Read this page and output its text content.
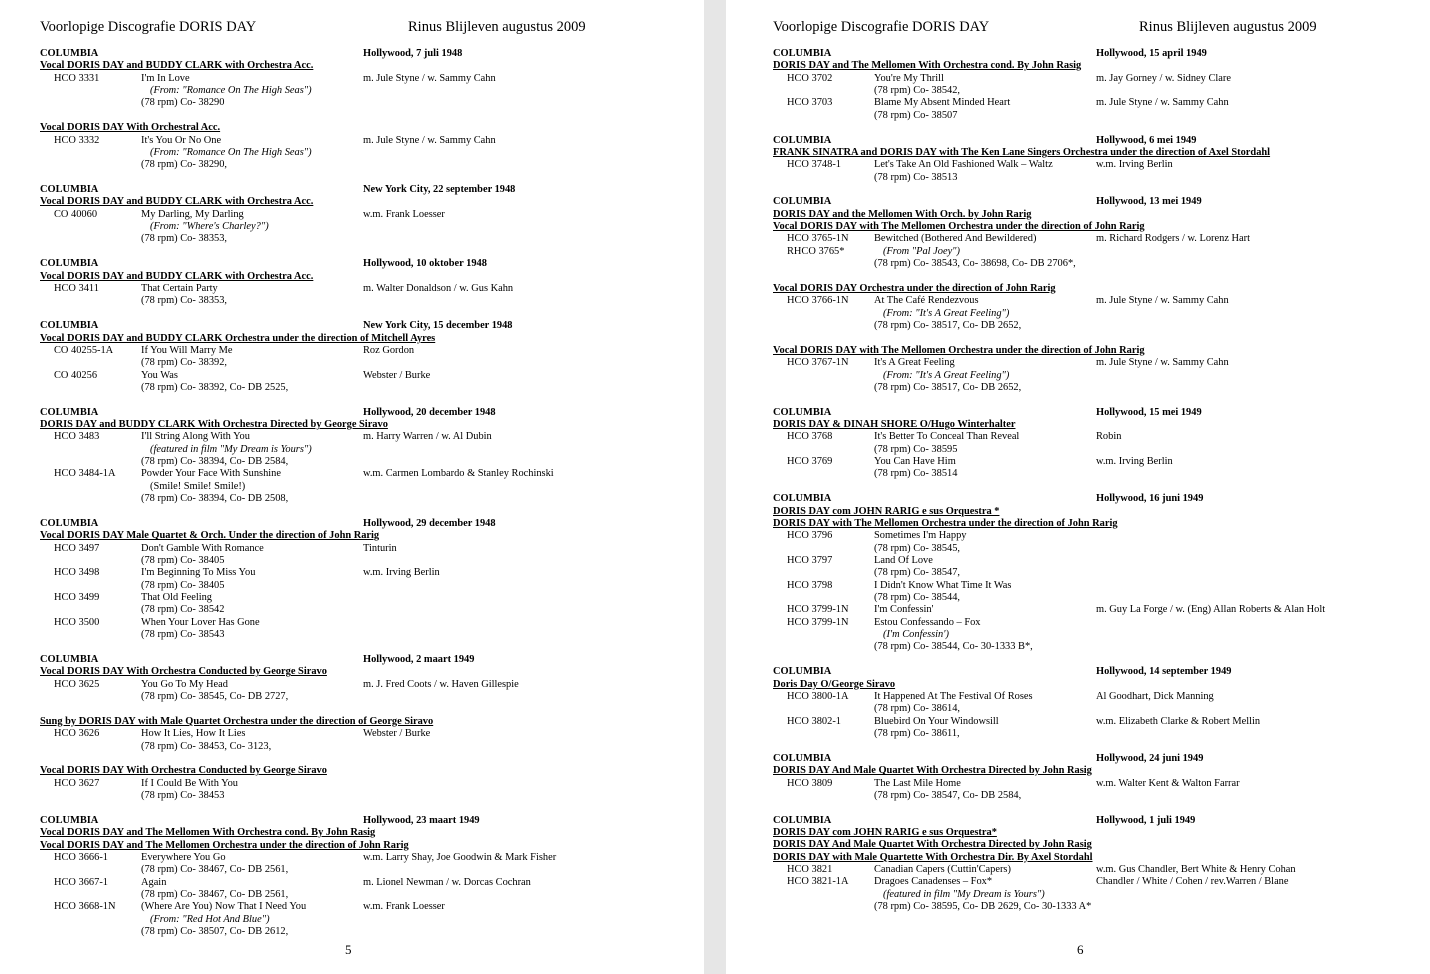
Voorlopige Discografie DORIS DAY	Rinus Blijleven augustus 2009
COLUMBIA	Hollywood, 7 juli 1948
Vocal DORIS DAY and BUDDY CLARK with Orchestra Acc.
HCO 3331	I'm In Love	m. Jule Styne / w. Sammy Cahn
(From: "Romance On The High Seas")
(78 rpm) Co- 38290
Vocal DORIS DAY With Orchestral Acc.
HCO 3332	It's You Or No One	m. Jule Styne / w. Sammy Cahn
(From: "Romance On The High Seas")
(78 rpm) Co- 38290,
COLUMBIA	New York City, 22 september 1948
Vocal DORIS DAY and BUDDY CLARK with Orchestra Acc.
CO 40060	My Darling, My Darling	w.m. Frank Loesser
(From: "Where's Charley?")
(78 rpm) Co- 38353,
COLUMBIA	Hollywood, 10 oktober 1948
Vocal DORIS DAY and BUDDY CLARK with Orchestra Acc.
HCO 3411	That Certain Party	m. Walter Donaldson / w. Gus Kahn
(78 rpm) Co- 38353,
COLUMBIA	New York City, 15 december 1948
Vocal DORIS DAY and BUDDY CLARK Orchestra under the direction of Mitchell Ayres
CO 40255-1A	If You Will Marry Me	Roz Gordon
(78 rpm) Co- 38392,
CO 40256	You Was	Webster / Burke
(78 rpm) Co- 38392, Co- DB 2525,
COLUMBIA	Hollywood, 20 december 1948
DORIS DAY and BUDDY CLARK With Orchestra Directed by George Siravo
HCO 3483	I'll String Along With You	m. Harry Warren / w. Al Dubin
(featured in film "My Dream is Yours")
(78 rpm) Co- 38394, Co- DB 2584,
HCO 3484-1A Powder Your Face With Sunshine	w.m. Carmen Lombardo & Stanley Rochinski
(Smile! Smile! Smile!)
(78 rpm) Co- 38394, Co- DB 2508,
COLUMBIA	Hollywood, 29 december 1948
Vocal DORIS DAY Male Quartet & Orch. Under the direction of John Rarig
HCO 3497	Don't Gamble With Romance	Tinturin
(78 rpm) Co- 38405
HCO 3498	I'm Beginning To Miss You	w.m. Irving Berlin
(78 rpm) Co- 38405
HCO 3499	That Old Feeling
(78 rpm) Co- 38542
HCO 3500	When Your Lover Has Gone
(78 rpm) Co- 38543
COLUMBIA	Hollywood, 2 maart 1949
Vocal DORIS DAY With Orchestra Conducted by George Siravo
HCO 3625	You Go To My Head	m. J. Fred Coots / w. Haven Gillespie
(78 rpm) Co- 38545, Co- DB 2727,
Sung by DORIS DAY with Male Quartet Orchestra under the direction of George Siravo
HCO 3626	How It Lies, How It Lies	Webster / Burke
(78 rpm) Co- 38453, Co- 3123,
Vocal DORIS DAY With Orchestra Conducted by George Siravo
HCO 3627	If I Could Be With You
(78 rpm) Co- 38453
COLUMBIA	Hollywood, 23 maart 1949
Vocal DORIS DAY and The Mellomen With Orchestra cond. By John Rasig
Vocal DORIS DAY and The Mellomen Orchestra under the direction of John Rarig
HCO 3666-1	Everywhere You Go	w.m. Larry Shay, Joe Goodwin & Mark Fisher
(78 rpm) Co- 38467, Co- DB 2561,
HCO 3667-1	Again	m. Lionel Newman / w. Dorcas Cochran
(78 rpm) Co- 38467, Co- DB 2561,
HCO 3668-1N (Where Are You) Now That I Need You	w.m. Frank Loesser
(From: "Red Hot And Blue")
(78 rpm) Co- 38507, Co- DB 2612,
5
Voorlopige Discografie DORIS DAY	Rinus Blijleven augustus 2009
COLUMBIA	Hollywood, 15 april 1949
DORIS DAY and The Mellomen With Orchestra cond. By John Rasig
HCO 3702	You're My Thrill	m. Jay Gorney / w. Sidney Clare
(78 rpm) Co- 38542,
HCO 3703	Blame My Absent Minded Heart	m. Jule Styne / w. Sammy Cahn
(78 rpm) Co- 38507
COLUMBIA	Hollywood, 6 mei 1949
FRANK SINATRA and DORIS DAY with The Ken Lane Singers Orchestra under the direction of Axel Stordahl
HCO 3748-1	Let's Take An Old Fashioned Walk – Waltz	w.m. Irving Berlin
(78 rpm) Co- 38513
COLUMBIA	Hollywood, 13 mei 1949
DORIS DAY and the Mellomen With Orch. by John Rarig
Vocal DORIS DAY with The Mellomen Orchestra under the direction of John Rarig
HCO 3765-1N Bewitched (Bothered And Bewildered)	m. Richard Rodgers / w. Lorenz Hart
RHCO 3765*	(From "Pal Joey")
(78 rpm) Co- 38543, Co- 38698, Co- DB 2706*,
Vocal DORIS DAY Orchestra under the direction of John Rarig
HCO 3766-1N At The Café Rendezvous	m. Jule Styne / w. Sammy Cahn
(From: "It's A Great Feeling")
(78 rpm) Co- 38517, Co- DB 2652,
Vocal DORIS DAY with The Mellomen Orchestra under the direction of John Rarig
HCO 3767-1N It's A Great Feeling	m. Jule Styne / w. Sammy Cahn
(From: "It's A Great Feeling")
(78 rpm) Co- 38517, Co- DB 2652,
COLUMBIA	Hollywood, 15 mei 1949
DORIS DAY & DINAH SHORE O/Hugo Winterhalter
HCO 3768	It's Better To Conceal Than Reveal	Robin
(78 rpm) Co- 38595
HCO 3769	You Can Have Him	w.m. Irving Berlin
(78 rpm) Co- 38514
COLUMBIA	Hollywood, 16 juni 1949
DORIS DAY com JOHN RARIG e sus Orquestra *
DORIS DAY with The Mellomen Orchestra under the direction of John Rarig
HCO 3796	Sometimes I'm Happy
(78 rpm) Co- 38545,
HCO 3797	Land Of Love
(78 rpm) Co- 38547,
HCO 3798	I Didn't Know What Time It Was
(78 rpm) Co- 38544,
HCO 3799-1N I'm Confessin'	m. Guy La Forge / w. (Eng) Allan Roberts & Alan Holt
HCO 3799-1N Estou Confessando – Fox
(I'm Confessin')
(78 rpm) Co- 38544, Co- 30-1333 B*,
COLUMBIA	Hollywood, 14 september 1949
Doris Day O/George Siravo
HCO 3800-1A It Happened At The Festival Of Roses	Al Goodhart, Dick Manning
(78 rpm) Co- 38614,
HCO 3802-1	Bluebird On Your Windowsill	w.m. Elizabeth Clarke & Robert Mellin
(78 rpm) Co- 38611,
COLUMBIA	Hollywood, 24 juni 1949
DORIS DAY And Male Quartet With Orchestra Directed by John Rasig
HCO 3809	The Last Mile Home	w.m. Walter Kent & Walton Farrar
(78 rpm) Co- 38547, Co- DB 2584,
COLUMBIA	Hollywood, 1 juli 1949
DORIS DAY com JOHN RARIG e sus Orquestra*
DORIS DAY And Male Quartet With Orchestra Directed by John Rasig
DORIS DAY with Male Quartette With Orchestra Dir. By Axel Stordahl
HCO 3821	Canadian Capers (Cuttin'Capers)	w.m. Gus Chandler, Bert White & Henry Cohan
HCO 3821-1A Dragoes Canadenses – Fox*	Chandler / White / Cohen / rev.Warren / Blane
(featured in film "My Dream is Yours")
(78 rpm) Co- 38595, Co- DB 2629, Co- 30-1333 A*
6
